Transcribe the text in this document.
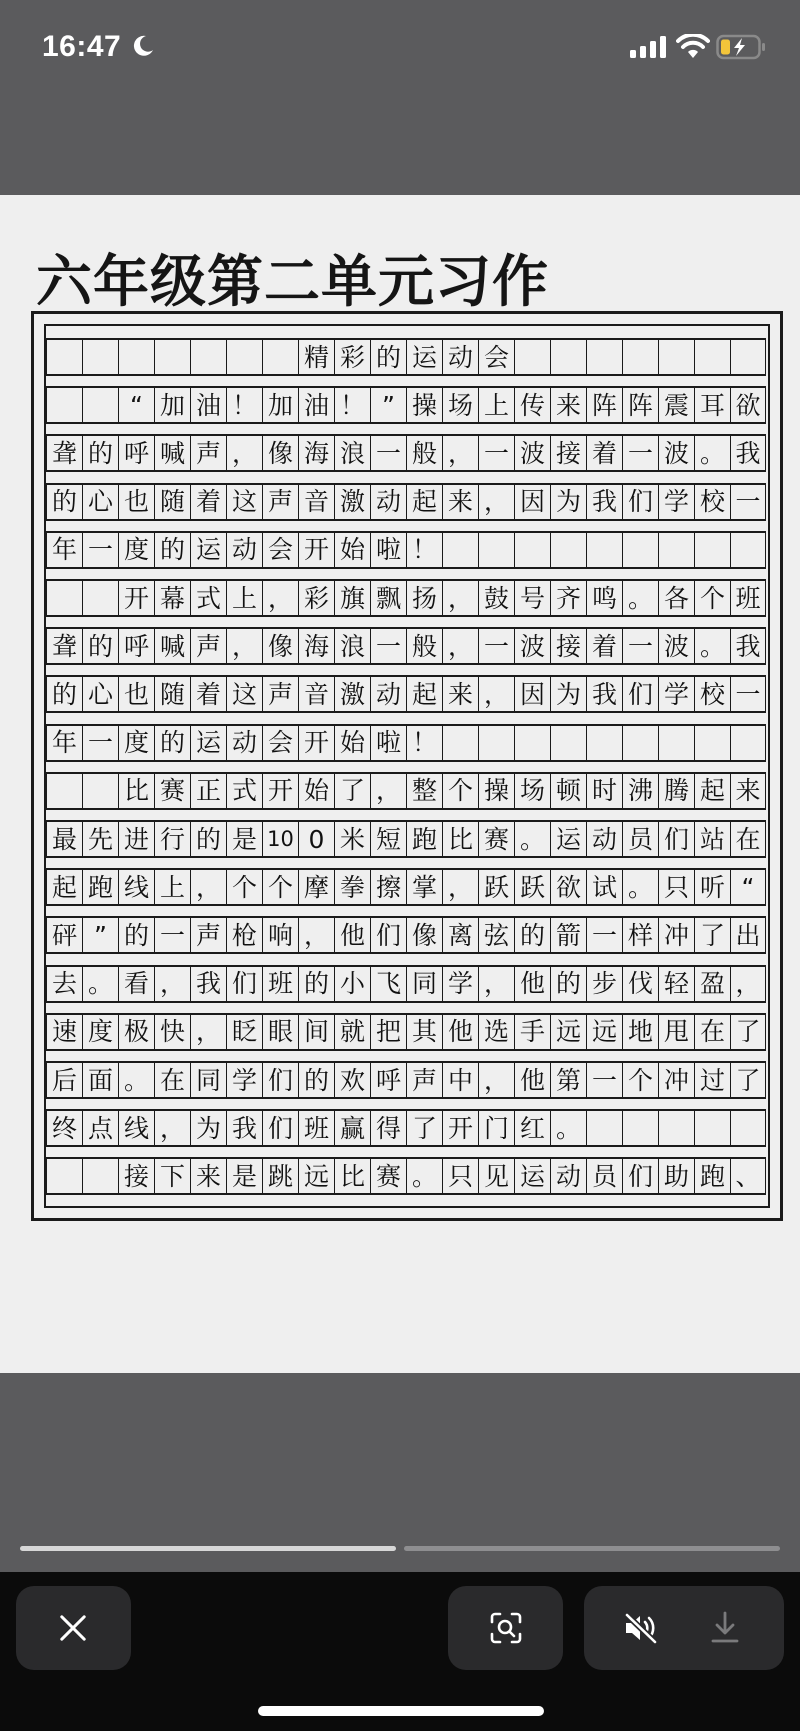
16:47
六年级第二单元习作
精 彩 的 运 动 会
“ 加 油 ！ 加 油 ！ ” 操 场 上 传 来 阵 阵 震 耳 欲
聋 的 呼 喊 声 ， 像 海 浪 一 般 ， 一 波 接 着 一 波 。 我
的 心 也 随 着 这 声 音 激 动 起 来 ， 因 为 我 们 学 校 一
年 一 度 的 运 动 会 开 始 啦 ！
开 幕 式 上 ， 彩 旗 飘 扬 ， 鼓 号 齐 鸣 。 各 个 班
聋 的 呼 喊 声 ， 像 海 浪 一 般 ， 一 波 接 着 一 波 。 我
的 心 也 随 着 这 声 音 激 动 起 来 ， 因 为 我 们 学 校 一
年 一 度 的 运 动 会 开 始 啦 ！
比 赛 正 式 开 始 了 ， 整 个 操 场 顿 时 沸 腾 起 来
最 先 进 行 的 是 10 0 米 短 跑 比 赛 。 运 动 员 们 站 在
起 跑 线 上 ， 个 个 摩 拳 擦 掌 ， 跃 跃 欲 试 。 只 听 “
砰 ” 的 一 声 枪 响 ， 他 们 像 离 弦 的 箭 一 样 冲 了 出
去 。 看 ， 我 们 班 的 小 飞 同 学 ， 他 的 步 伐 轻 盈 ，
速 度 极 快 ， 眨 眼 间 就 把 其 他 选 手 远 远 地 甩 在 了
后 面 。 在 同 学 们 的 欢 呼 声 中 ， 他 第 一 个 冲 过 了
终 点 线 ， 为 我 们 班 赢 得 了 开 门 红 。
接 下 来 是 跳 远 比 赛 。 只 见 运 动 员 们 助 跑 、
